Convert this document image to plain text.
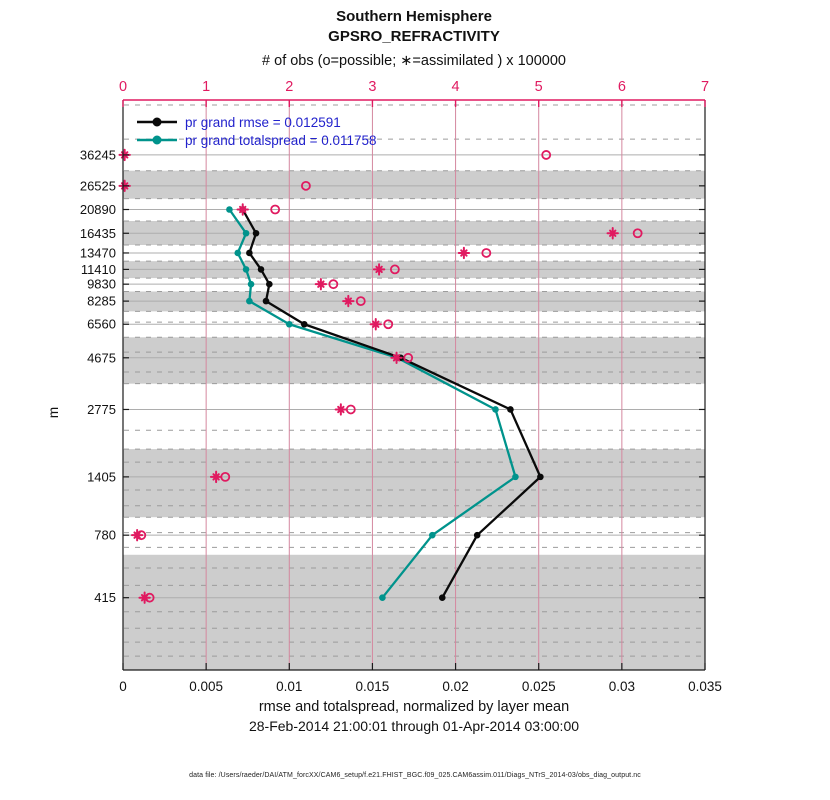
Southern Hemisphere
GPSRO_REFRACTIVITY
# of obs (o=possible; ∗=assimilated ) x 100000
0	0.005	0.01	0.015	0.02	0.025	0.03	0.035
0	1	2	3	4	5	6	7
36245
26525
20890
16435
13470
11410
9830
8285
6560
4675
2775
1405
780
415
pr grand rmse = 0.012591
pr grand totalspread = 0.011758
m
rmse and totalspread, normalized by layer mean
28-Feb-2014 21:00:01 through 01-Apr-2014 03:00:00
data file: /Users/raeder/DAI/ATM_forcXX/CAM6_setup/f.e21.FHIST_BGC.f09_025.CAM6assim.011/Diags_NTrS_2014-03/obs_diag_output.nc
